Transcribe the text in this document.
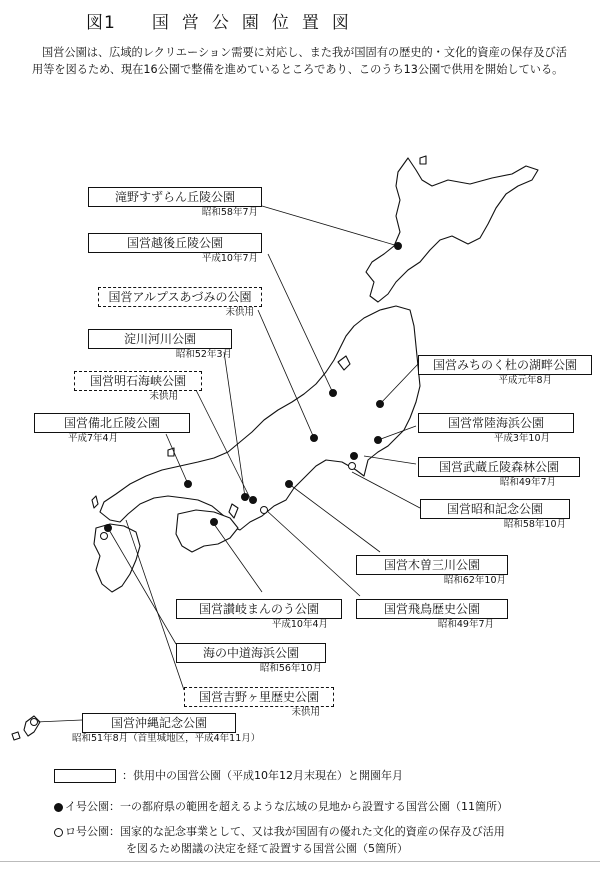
図1 国営公園位置図

国営公園は、広域的レクリエーション需要に対応し、また我が国固有の歴史的・文化的資産の保存及び活用等を図るため、現在16公園で整備を進めているところであり、このうち13公園で供用を開始している。

滝野すずらん丘陵公園
昭和58年7月
国営越後丘陵公園
平成10年7月
国営アルプスあづみの公園
未供用
淀川河川公園
昭和52年3月
国営明石海峡公園
未供用
国営備北丘陵公園
平成7年4月
国営みちのく杜の湖畔公園
平成元年8月
国営常陸海浜公園
平成3年10月
国営武蔵丘陵森林公園
昭和49年7月
国営昭和記念公園
昭和58年10月
国営木曽三川公園
昭和62年10月
国営讃岐まんのう公園
平成10年4月
国営飛鳥歴史公園
昭和49年7月
海の中道海浜公園
昭和56年10月
国営吉野ヶ里歴史公園
未供用
国営沖縄記念公園
昭和51年8月（首里城地区，平成4年11月）
：供用中の国営公園（平成10年12月末現在）と開園年月
イ号公園：一の都府県の範囲を超えるような広域の見地から設置する国営公園（11箇所）
ロ号公園：国家的な記念事業として、又は我が国固有の優れた文化的資産の保存及び活用
を図るため閣議の決定を経て設置する国営公園（5箇所）
